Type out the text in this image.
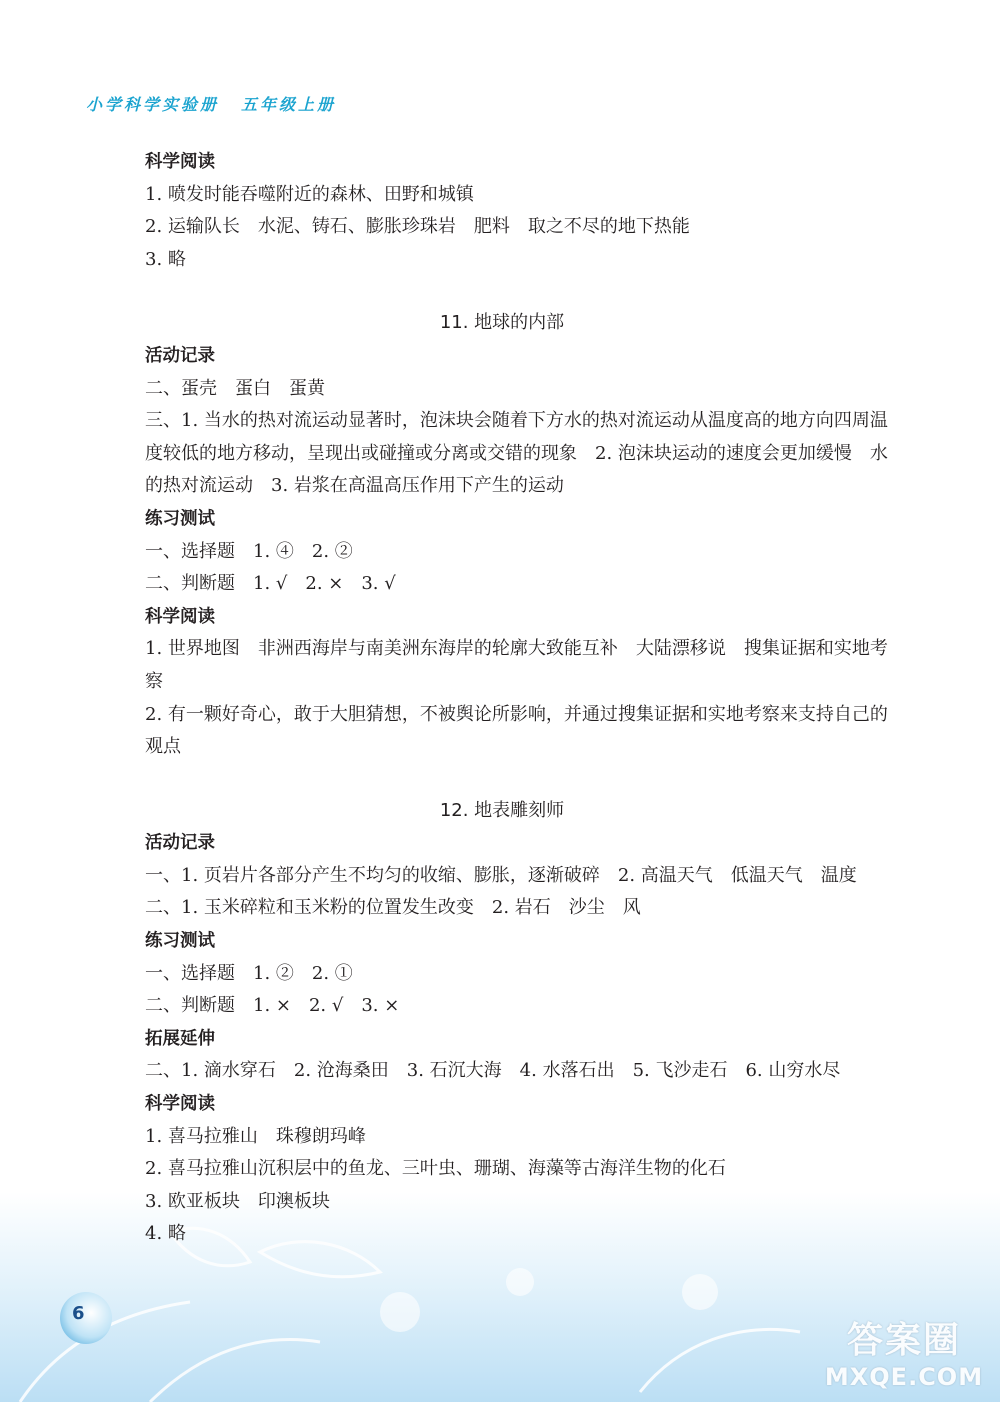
小学科学实验册 五年级上册
科学阅读
1. 喷发时能吞噬附近的森林、田野和城镇
2. 运输队长　水泥、铸石、膨胀珍珠岩　肥料　取之不尽的地下热能
3. 略
11. 地球的内部
活动记录
二、蛋壳　蛋白　蛋黄
三、1. 当水的热对流运动显著时，泡沫块会随着下方水的热对流运动从温度高的地方向四周温度较低的地方移动，呈现出或碰撞或分离或交错的现象　2. 泡沫块运动的速度会更加缓慢　水的热对流运动　3. 岩浆在高温高压作用下产生的运动
练习测试
一、选择题　1. ④　2. ②
二、判断题　1. √　2. ×　3. √
科学阅读
1. 世界地图　非洲西海岸与南美洲东海岸的轮廓大致能互补　大陆漂移说　搜集证据和实地考察
2. 有一颗好奇心，敢于大胆猜想，不被舆论所影响，并通过搜集证据和实地考察来支持自己的观点
12. 地表雕刻师
活动记录
一、1. 页岩片各部分产生不均匀的收缩、膨胀，逐渐破碎　2. 高温天气　低温天气　温度
二、1. 玉米碎粒和玉米粉的位置发生改变　2. 岩石　沙尘　风
练习测试
一、选择题　1. ②　2. ①
二、判断题　1. ×　2. √　3. ×
拓展延伸
二、1. 滴水穿石　2. 沧海桑田　3. 石沉大海　4. 水落石出　5. 飞沙走石　6. 山穷水尽
科学阅读
1. 喜马拉雅山　珠穆朗玛峰
2. 喜马拉雅山沉积层中的鱼龙、三叶虫、珊瑚、海藻等古海洋生物的化石
3. 欧亚板块　印澳板块
4. 略
6
答案圈
MXQE.COM
